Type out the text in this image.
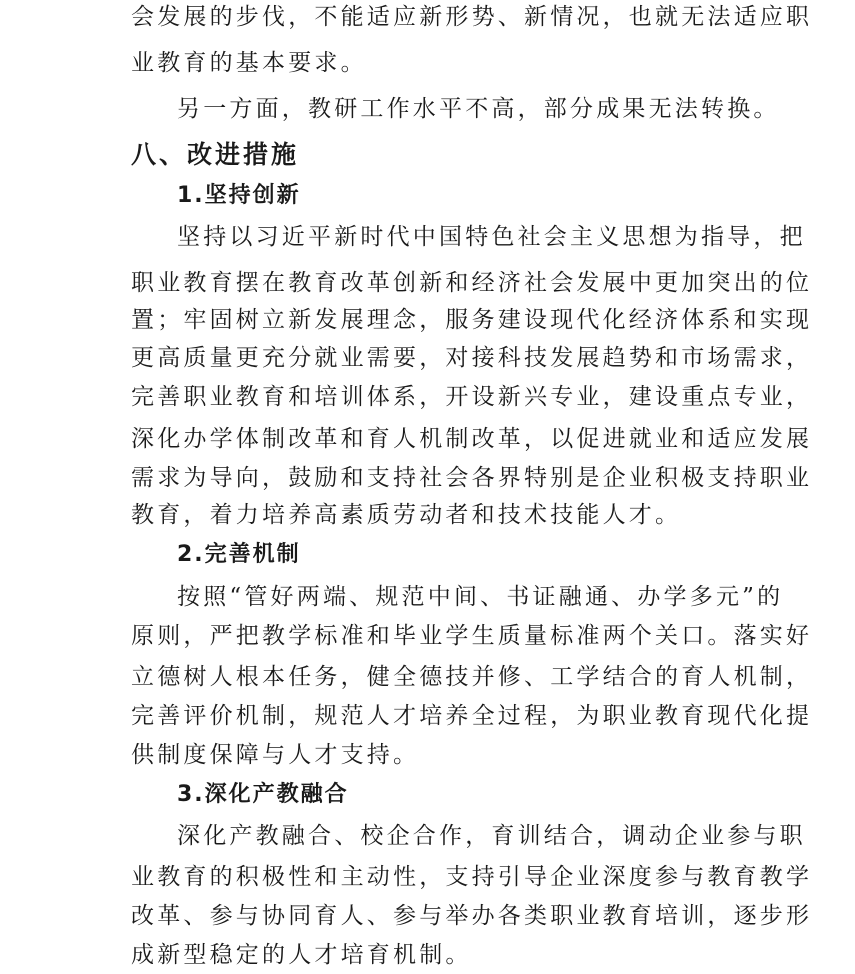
会发展的步伐，不能适应新形势、新情况，也就无法适应职
业教育的基本要求。
另一方面，教研工作水平不高，部分成果无法转换。
八、改进措施
1.坚持创新
坚持以习近平新时代中国特色社会主义思想为指导，把
职业教育摆在教育改革创新和经济社会发展中更加突出的位
置；牢固树立新发展理念，服务建设现代化经济体系和实现
更高质量更充分就业需要，对接科技发展趋势和市场需求，
完善职业教育和培训体系，开设新兴专业，建设重点专业，
深化办学体制改革和育人机制改革，以促进就业和适应发展
需求为导向，鼓励和支持社会各界特别是企业积极支持职业
教育，着力培养高素质劳动者和技术技能人才。
2.完善机制
按照“管好两端、规范中间、书证融通、办学多元”的
原则，严把教学标准和毕业学生质量标准两个关口。落实好
立德树人根本任务，健全德技并修、工学结合的育人机制，
完善评价机制，规范人才培养全过程，为职业教育现代化提
供制度保障与人才支持。
3.深化产教融合
深化产教融合、校企合作，育训结合，调动企业参与职
业教育的积极性和主动性，支持引导企业深度参与教育教学
改革、参与协同育人、参与举办各类职业教育培训，逐步形
成新型稳定的人才培育机制。
